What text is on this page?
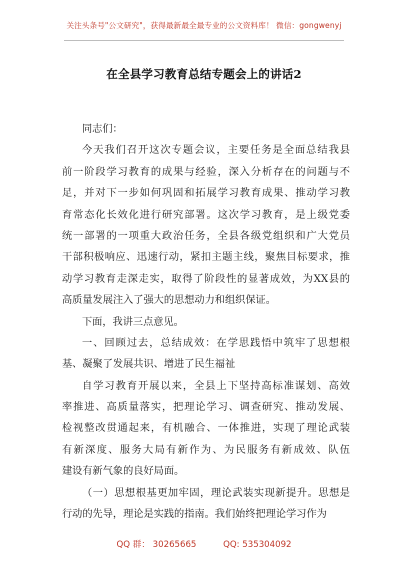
关注头条号"公文研究"，获得最新最全最专业的公文资料库！ 微信：gongwenyj
在全县学习教育总结专题会上的讲话2
同志们：
今天我们召开这次专题会议，主要任务是全面总结我县
前一阶段学习教育的成果与经验，深入分析存在的问题与不
足，并对下一步如何巩固和拓展学习教育成果、推动学习教
育常态化长效化进行研究部署。这次学习教育，是上级党委
统一部署的一项重大政治任务，全县各级党组织和广大党员
干部积极响应、迅速行动，紧扣主题主线，聚焦目标要求，推
动学习教育走深走实，取得了阶段性的显著成效，为XX县的
高质量发展注入了强大的思想动力和组织保证。
下面，我讲三点意见。
一、回顾过去，总结成效：在学思践悟中筑牢了思想根
基、凝聚了发展共识、增进了民生福祉
自学习教育开展以来，全县上下坚持高标准谋划、高效
率推进、高质量落实，把理论学习、调查研究、推动发展、
检视整改贯通起来，有机融合、一体推进，实现了理论武装
有新深度、服务大局有新作为、为民服务有新成效、队伍
建设有新气象的良好局面。
（一）思想根基更加牢固，理论武装实现新提升。思想是
行动的先导，理论是实践的指南。我们始终把理论学习作为
QQ 群： 30265665	QQ: 535304092
